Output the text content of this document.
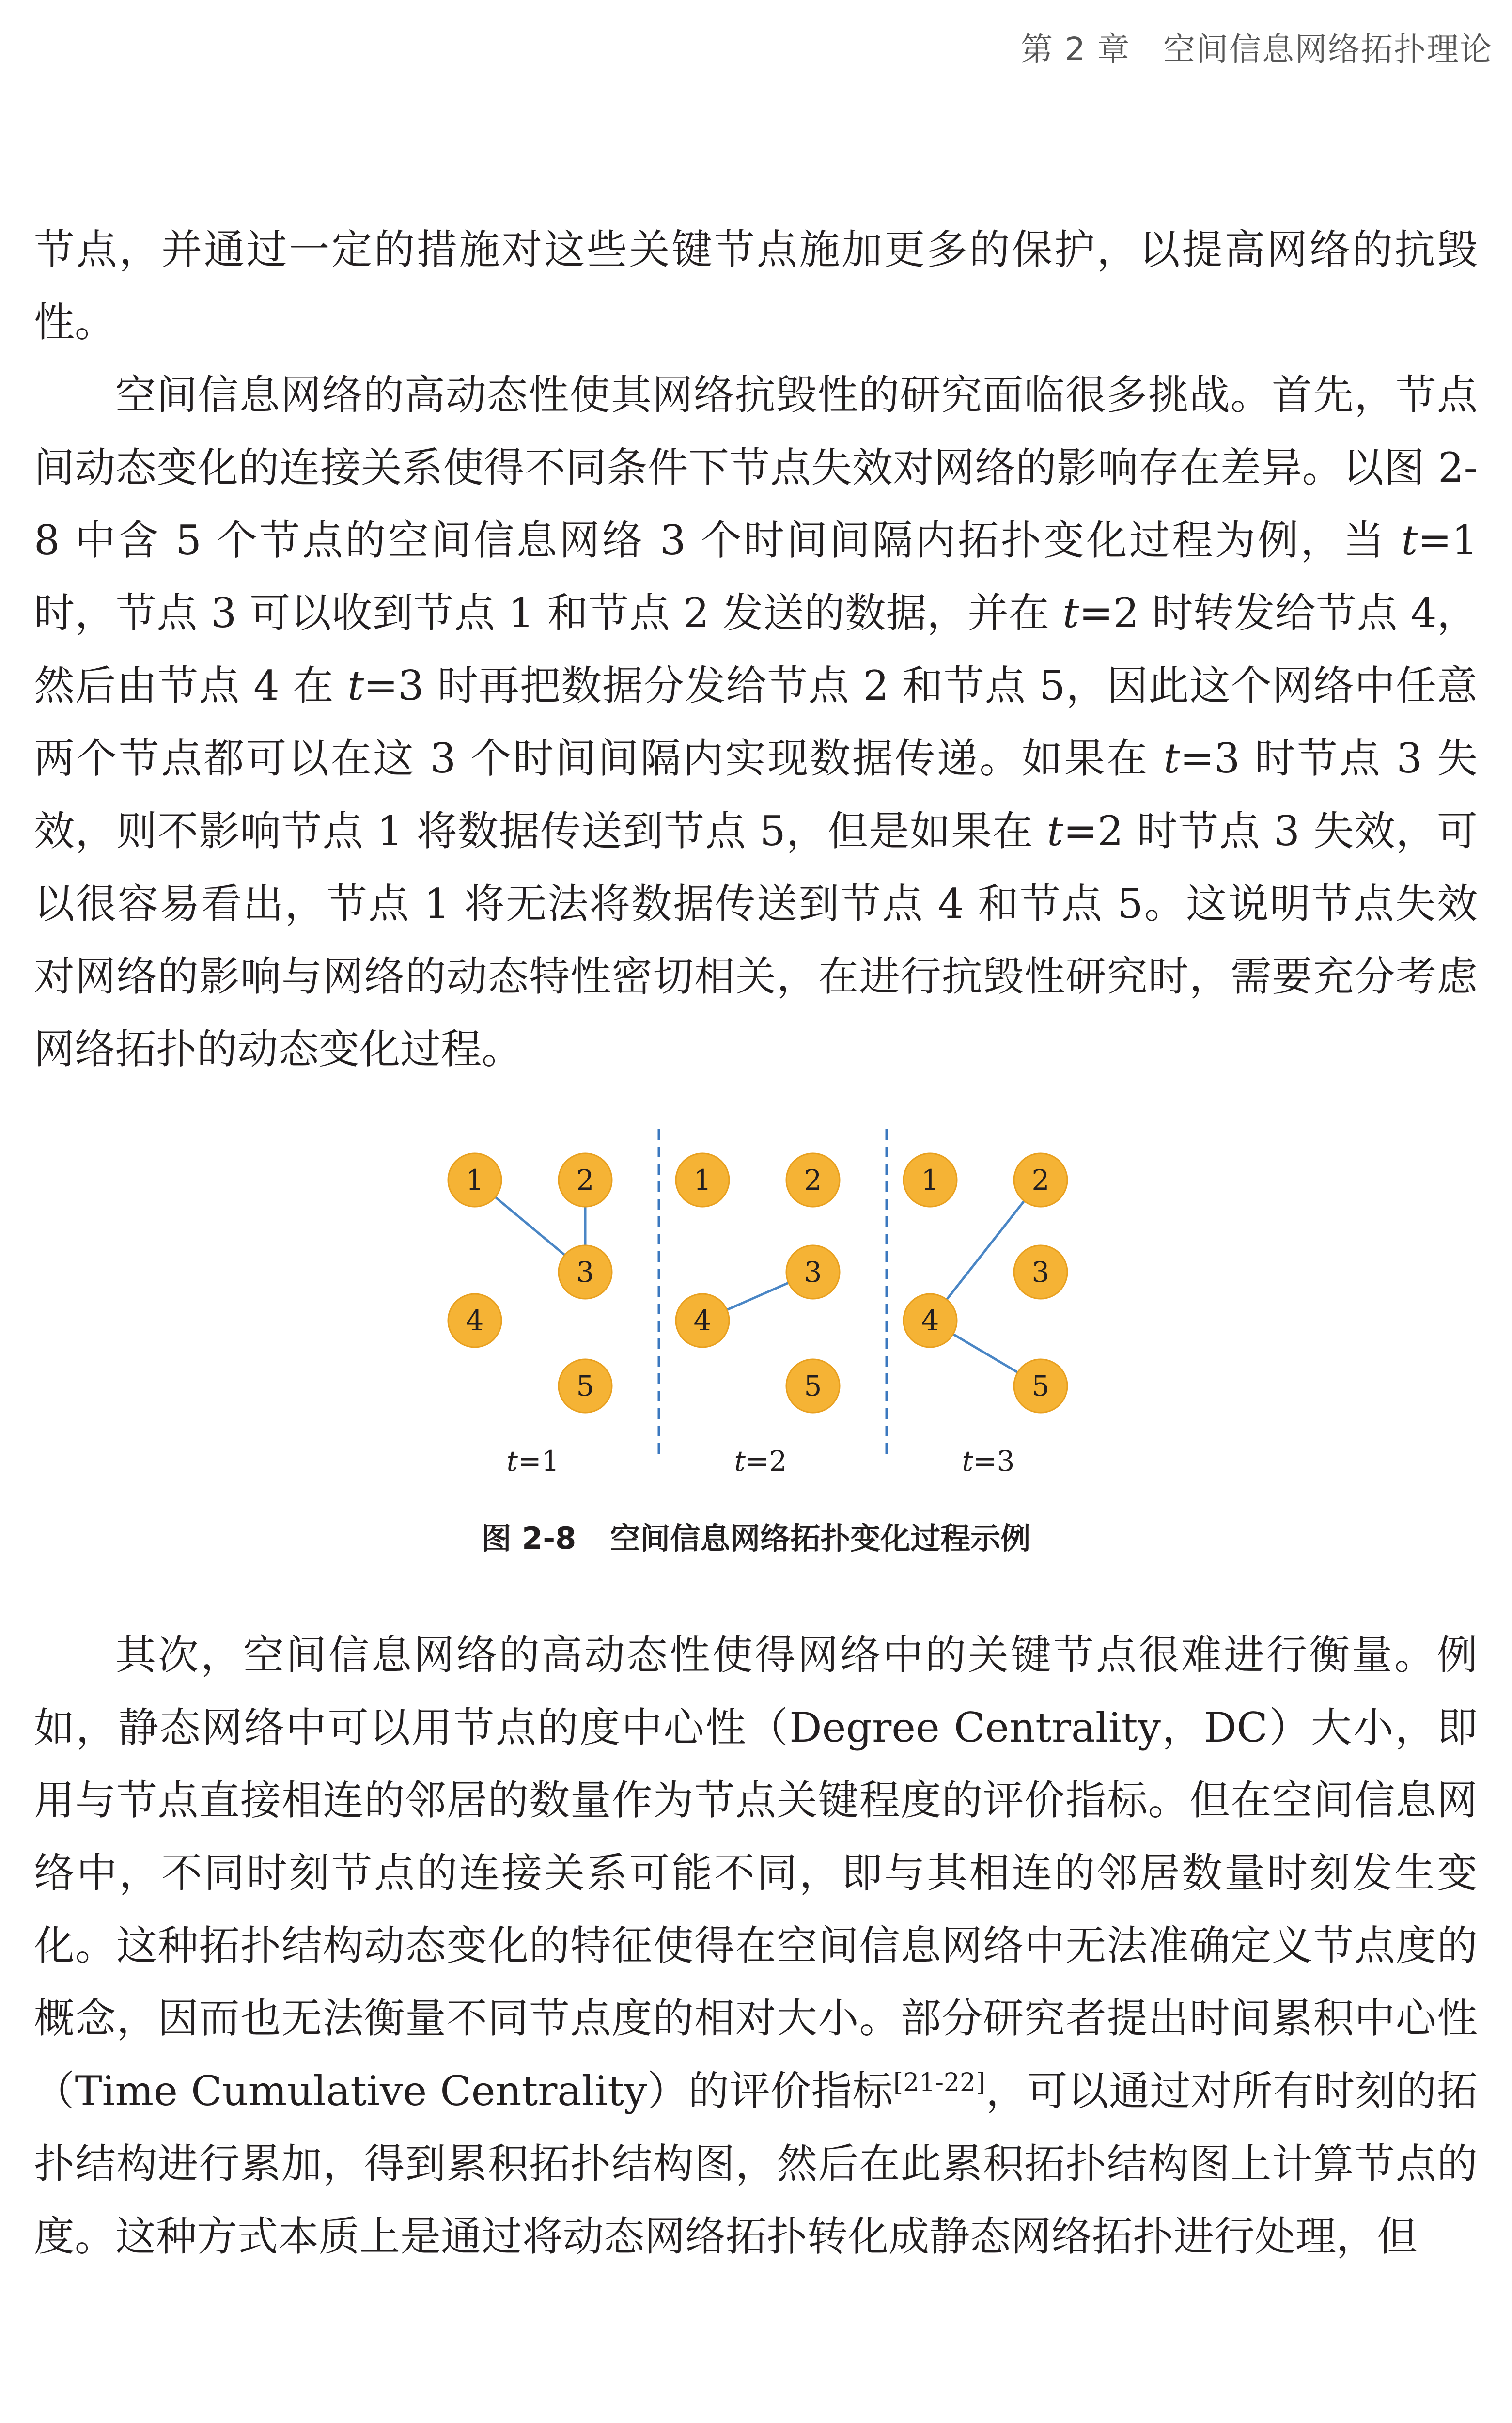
第 2 章　空间信息网络拓扑理论

节点，并通过一定的措施对这些关键节点施加更多的保护，以提高网络的抗毁性。

空间信息网络的高动态性使其网络抗毁性的研究面临很多挑战。首先，节点间动态变化的连接关系使得不同条件下节点失效对网络的影响存在差异。以图 2-8 中含 5 个节点的空间信息网络 3 个时间间隔内拓扑变化过程为例，当 t=1 时，节点 3 可以收到节点 1 和节点 2 发送的数据，并在 t=2 时转发给节点 4，然后由节点 4 在 t=3 时再把数据分发给节点 2 和节点 5，因此这个网络中任意两个节点都可以在这 3 个时间间隔内实现数据传递。如果在 t=3 时节点 3 失效，则不影响节点 1 将数据传送到节点 5，但是如果在 t=2 时节点 3 失效，可以很容易看出，节点 1 将无法将数据传送到节点 4 和节点 5。这说明节点失效对网络的影响与网络的动态特性密切相关，在进行抗毁性研究时，需要充分考虑网络拓扑的动态变化过程。

1	2
3
4
5
t=1
1	2
3
4
5
t=2
1	2
3
4
5
t=3
图 2-8 空间信息网络拓扑变化过程示例

其次，空间信息网络的高动态性使得网络中的关键节点很难进行衡量。例如，静态网络中可以用节点的度中心性（Degree Centrality，DC）大小，即用与节点直接相连的邻居的数量作为节点关键程度的评价指标。但在空间信息网络中，不同时刻节点的连接关系可能不同，即与其相连的邻居数量时刻发生变化。这种拓扑结构动态变化的特征使得在空间信息网络中无法准确定义节点度的概念，因而也无法衡量不同节点度的相对大小。部分研究者提出时间累积中心性（Time Cumulative Centrality）的评价指标[21-22]，可以通过对所有时刻的拓扑结构进行累加，得到累积拓扑结构图，然后在此累积拓扑结构图上计算节点的度。这种方式本质上是通过将动态网络拓扑转化成静态网络拓扑进行处理，但
